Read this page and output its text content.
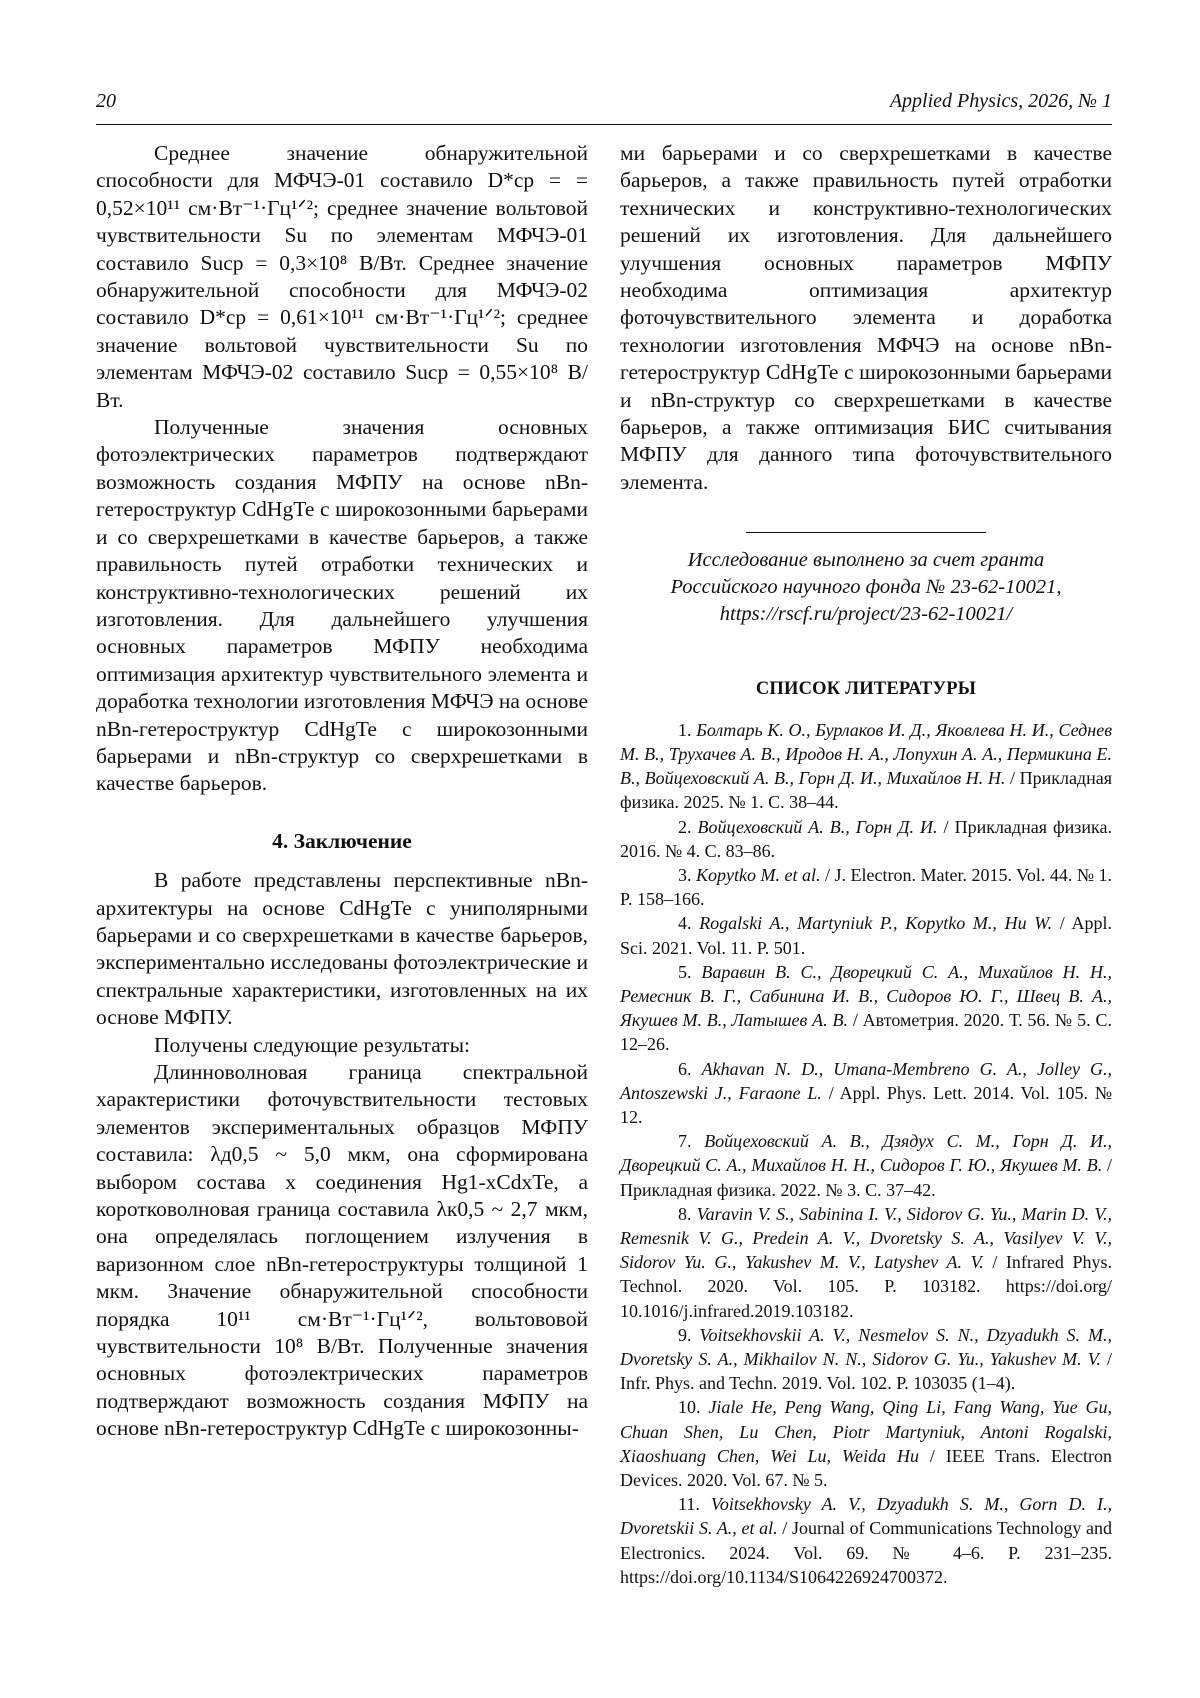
20	Applied Physics, 2026, № 1

Среднее значение обнаружительной способности для МФЧЭ-01 составило D*ср = = 0,52×10¹¹ см·Вт⁻¹·Гц¹ᐟ²; среднее значение вольтовой чувствительности Su по элементам МФЧЭ-01 составило Suср = 0,3×10⁸ В/Вт. Среднее значение обнаружительной способности для МФЧЭ-02 составило D*ср = 0,61×10¹¹ см·Вт⁻¹·Гц¹ᐟ²; среднее значение вольтовой чувствительности Su по элементам МФЧЭ-02 составило Suср = 0,55×10⁸ В/Вт.

Полученные значения основных фотоэлектрических параметров подтверждают возможность создания МФПУ на основе nBn-гетероструктур CdHgTe с широкозонными барьерами и со сверхрешетками в качестве барьеров, а также правильность путей отработки технических и конструктивно-технологических решений их изготовления. Для дальнейшего улучшения основных параметров МФПУ необходима оптимизация архитектур чувствительного элемента и доработка технологии изготовления МФЧЭ на основе nBn-гетероструктур CdHgTe с широкозонными барьерами и nBn-структур со сверхрешетками в качестве барьеров.

4. Заключение

В работе представлены перспективные nBn-архитектуры на основе CdHgTe с униполярными барьерами и со сверхрешетками в качестве барьеров, экспериментально исследованы фотоэлектрические и спектральные характеристики, изготовленных на их основе МФПУ.

Получены следующие результаты:

Длинноволновая граница спектральной характеристики фоточувствительности тестовых элементов экспериментальных образцов МФПУ составила: λд0,5 ~ 5,0 мкм, она сформирована выбором состава x соединения Hg1-xCdxTe, а коротковолновая граница составила λк0,5 ~ 2,7 мкм, она определялась поглощением излучения в варизонном слое nBn-гетероструктуры толщиной 1 мкм. Значение обнаружительной способности порядка 10¹¹ см·Вт⁻¹·Гц¹ᐟ², вольтововой чувствительности 10⁸ В/Вт. Полученные значения основных фотоэлектрических параметров подтверждают возможность создания МФПУ на основе nBn-гетероструктур CdHgTe с широкозонны-

ми барьерами и со сверхрешетками в качестве барьеров, а также правильность путей отработки технических и конструктивно-технологических решений их изготовления. Для дальнейшего улучшения основных параметров МФПУ необходима оптимизация архитектур фоточувствительного элемента и доработка технологии изготовления МФЧЭ на основе nBn-гетероструктур CdHgTe с широкозонными барьерами и nBn-структур со сверхрешетками в качестве барьеров, а также оптимизация БИС считывания МФПУ для данного типа фоточувствительного элемента.

Исследование выполнено за счет гранта
Российского научного фонда № 23-62-10021,
https://rscf.ru/project/23-62-10021/
СПИСОК ЛИТЕРАТУРЫ
1. Болтарь К. О., Бурлаков И. Д., Яковлева Н. И., Седнев М. В., Трухачев А. В., Иродов Н. А., Лопухин А. А., Пермикина Е. В., Войцеховский А. В., Горн Д. И., Михайлов Н. Н. / Прикладная физика. 2025. № 1. С. 38–44.
2. Войцеховский А. В., Горн Д. И. / Прикладная физика. 2016. № 4. С. 83–86.
3. Kopytko M. et al. / J. Electron. Mater. 2015. Vol. 44. № 1. P. 158–166.
4. Rogalski A., Martyniuk P., Kopytko M., Hu W. / Appl. Sci. 2021. Vol. 11. P. 501.
5. Варавин В. С., Дворецкий С. А., Михайлов Н. Н., Ремесник В. Г., Сабинина И. В., Сидоров Ю. Г., Швец В. А., Якушев М. В., Латышев А. В. / Автометрия. 2020. Т. 56. № 5. С. 12–26.
6. Akhavan N. D., Umana-Membreno G. A., Jolley G., Antoszewski J., Faraone L. / Appl. Phys. Lett. 2014. Vol. 105. № 12.
7. Войцеховский А. В., Дзядух С. М., Горн Д. И., Дворецкий С. А., Михайлов Н. Н., Сидоров Г. Ю., Якушев М. В. / Прикладная физика. 2022. № 3. С. 37–42.
8. Varavin V. S., Sabinina I. V., Sidorov G. Yu., Marin D. V., Remesnik V. G., Predein A. V., Dvoretsky S. A., Vasilyev V. V., Sidorov Yu. G., Yakushev M. V., Latyshev A. V. / Infrared Phys. Technol. 2020. Vol. 105. P. 103182. https://doi.org/ 10.1016/j.infrared.2019.103182.
9. Voitsekhovskii A. V., Nesmelov S. N., Dzyadukh S. M., Dvoretsky S. A., Mikhailov N. N., Sidorov G. Yu., Yakushev M. V. / Infr. Phys. and Techn. 2019. Vol. 102. P. 103035 (1–4).
10. Jiale He, Peng Wang, Qing Li, Fang Wang, Yue Gu, Chuan Shen, Lu Chen, Piotr Martyniuk, Antoni Rogalski, Xiaoshuang Chen, Wei Lu, Weida Hu / IEEE Trans. Electron Devices. 2020. Vol. 67. № 5.
11. Voitsekhovsky A. V., Dzyadukh S. M., Gorn D. I., Dvoretskii S. A., et al. / Journal of Communications Technology and Electronics. 2024. Vol. 69. № 4–6. P. 231–235. https://doi.org/10.1134/S1064226924700372.
